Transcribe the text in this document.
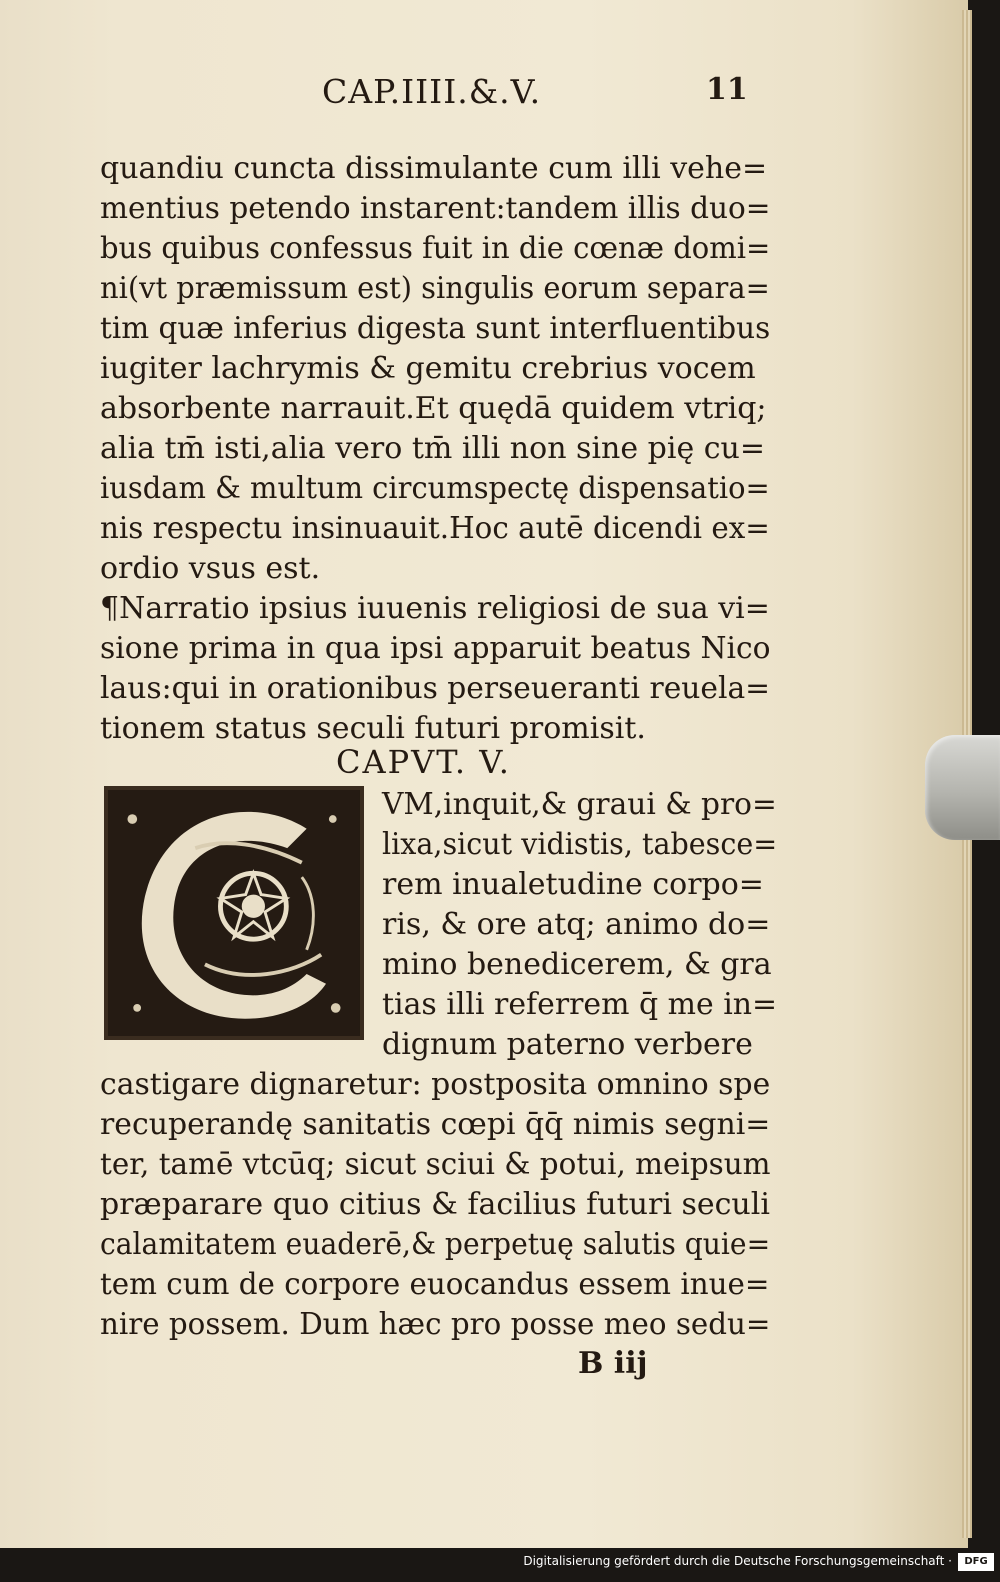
CAP.IIII.&.V.	11
quandiu cuncta dissimulante cum illi vehe=
mentius petendo instarent:tandem illis duo=
bus quibus confessus fuit in die cœnæ domi=
ni(vt præmissum est) singulis eorum separa=
tim quæ inferius digesta sunt interfluentibus
iugiter lachrymis & gemitu crebrius vocem
absorbente narrauit.Et quędā quidem vtriq;
alia tm̄ isti,alia vero tm̄ illi non sine pię cu=
iusdam & multum circumspectę dispensatio=
nis respectu insinuauit.Hoc autē dicendi ex=
ordio vsus est.
¶Narratio ipsius iuuenis religiosi de sua vi=
sione prima in qua ipsi apparuit beatus Nico
laus:qui in orationibus perseueranti reuela=
tionem status seculi futuri promisit.
CAPVT. V.
VM,inquit,& graui & pro=
lixa,sicut vidistis, tabesce=
rem inualetudine corpo=
ris, & ore atq; animo do=
mino benedicerem, & gra
tias illi referrem q̄ me in=
dignum paterno verbere
castigare dignaretur: postposita omnino spe
recuperandę sanitatis cœpi q̄q̄ nimis segni=
ter, tamē vtcūq; sicut sciui & potui, meipsum
præparare quo citius & facilius futuri seculi
calamitatem euaderē,& perpetuę salutis quie=
tem cum de corpore euocandus essem inue=
nire possem. Dum hæc pro posse meo sedu=
B iij
Digitalisierung gefördert durch die Deutsche Forschungsgemeinschaft ·	DFG
